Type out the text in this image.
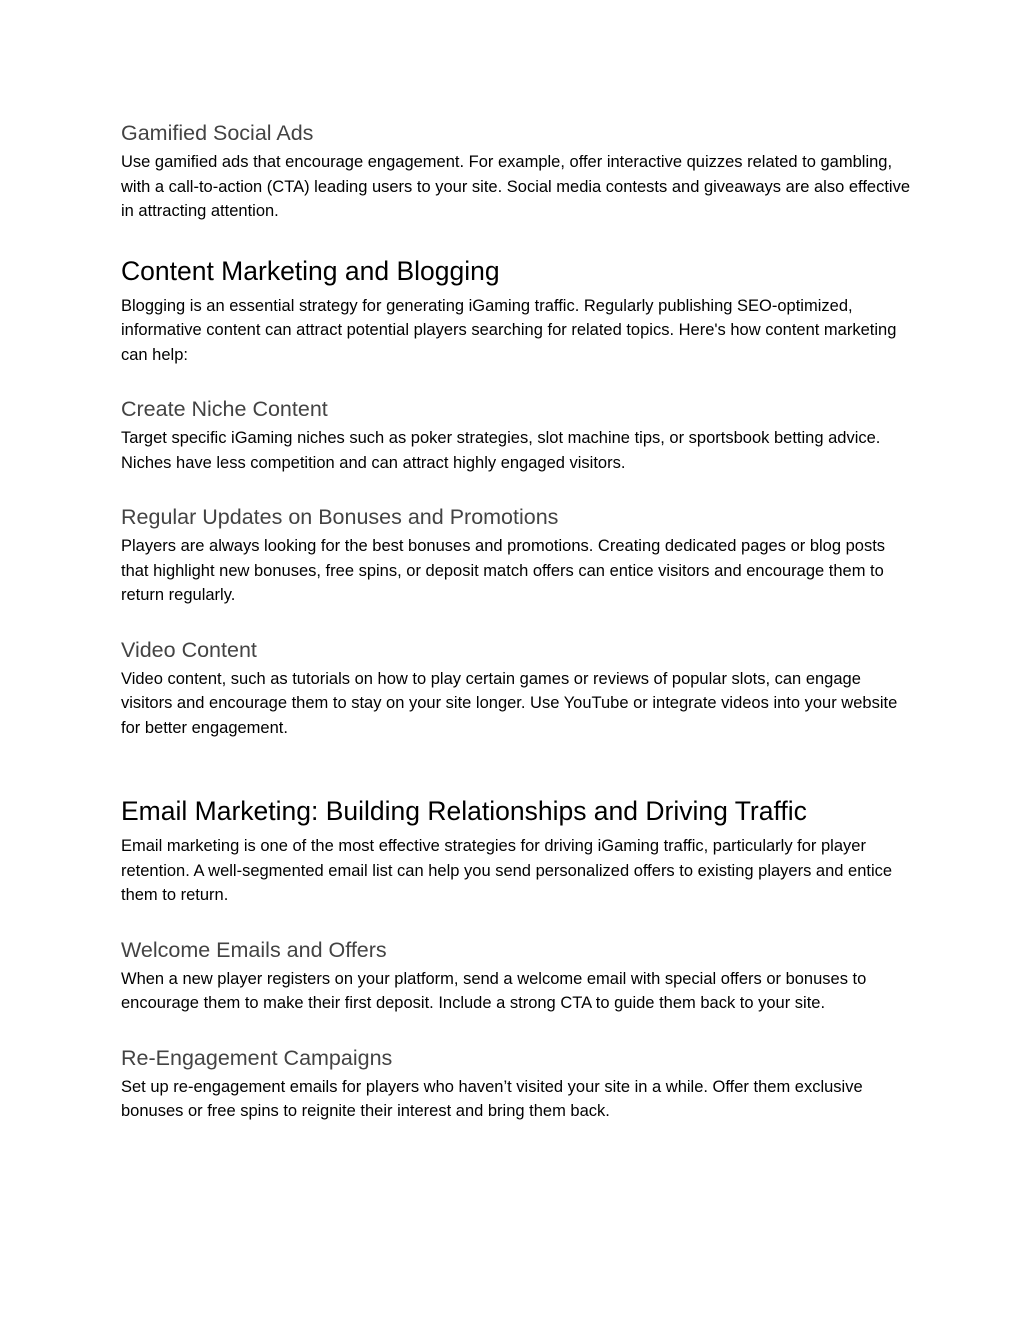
Gamified Social Ads

Use gamified ads that encourage engagement. For example, offer interactive quizzes related to gambling, with a call-to-action (CTA) leading users to your site. Social media contests and giveaways are also effective in attracting attention.

Content Marketing and Blogging

Blogging is an essential strategy for generating iGaming traffic. Regularly publishing SEO-optimized, informative content can attract potential players searching for related topics. Here's how content marketing can help:

Create Niche Content

Target specific iGaming niches such as poker strategies, slot machine tips, or sportsbook betting advice. Niches have less competition and can attract highly engaged visitors.

Regular Updates on Bonuses and Promotions

Players are always looking for the best bonuses and promotions. Creating dedicated pages or blog posts that highlight new bonuses, free spins, or deposit match offers can entice visitors and encourage them to return regularly.

Video Content

Video content, such as tutorials on how to play certain games or reviews of popular slots, can engage visitors and encourage them to stay on your site longer. Use YouTube or integrate videos into your website for better engagement.

Email Marketing: Building Relationships and Driving Traffic

Email marketing is one of the most effective strategies for driving iGaming traffic, particularly for player retention. A well-segmented email list can help you send personalized offers to existing players and entice them to return.

Welcome Emails and Offers

When a new player registers on your platform, send a welcome email with special offers or bonuses to encourage them to make their first deposit. Include a strong CTA to guide them back to your site.

Re-Engagement Campaigns

Set up re-engagement emails for players who haven’t visited your site in a while. Offer them exclusive bonuses or free spins to reignite their interest and bring them back.
